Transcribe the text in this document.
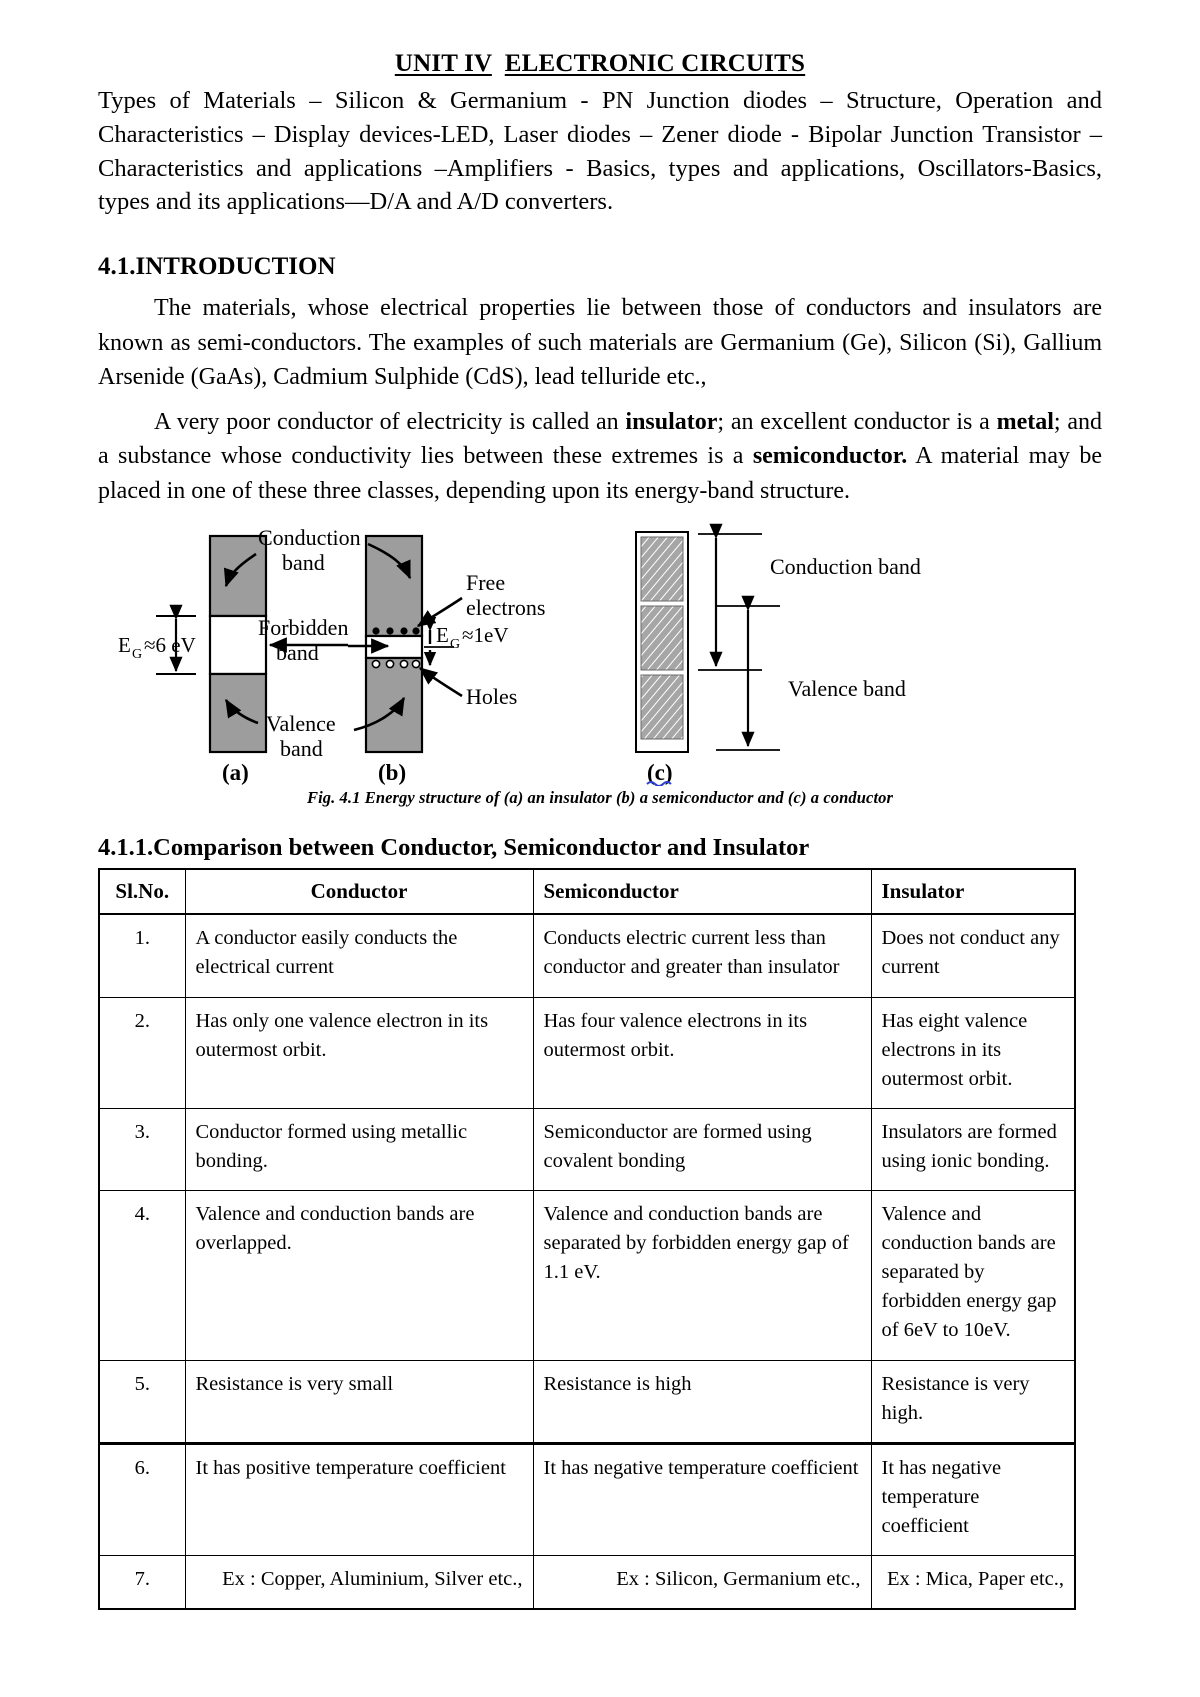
UNIT IV ELECTRONIC CIRCUITS
Types of Materials – Silicon & Germanium - PN Junction diodes – Structure, Operation and Characteristics – Display devices-LED, Laser diodes – Zener diode - Bipolar Junction Transistor – Characteristics and applications –Amplifiers - Basics, types and applications, Oscillators-Basics, types and its applications––D/A and A/D converters.
4.1.INTRODUCTION

The materials, whose electrical properties lie between those of conductors and insulators are known as semi-conductors. The examples of such materials are Germanium (Ge), Silicon (Si), Gallium Arsenide (GaAs), Cadmium Sulphide (CdS), lead telluride etc.,

A very poor conductor of electricity is called an insulator; an excellent conductor is a metal; and a substance whose conductivity lies between these extremes is a semiconductor. A material may be placed in one of these three classes, depending upon its energy-band structure.

E G ≈6 eV
Conduction
band
Forbidden
band
Valence
band
E G ≈1eV
Free
electrons
Holes
Conduction band
Valence band
(a)	(b)	(c)
Fig. 4.1 Energy structure of (a) an insulator (b) a semiconductor and (c) a conductor
4.1.1.Comparison between Conductor, Semiconductor and Insulator
Sl.No.	Conductor	Semiconductor	Insulator
1.	A conductor easily conducts the electrical current	Conducts electric current less than conductor and greater than insulator	Does not conduct any current
2.	Has only one valence electron in its outermost orbit.	Has four valence electrons in its outermost orbit.	Has eight valence electrons in its outermost orbit.
3.	Conductor formed using metallic bonding.	Semiconductor are formed using covalent bonding	Insulators are formed using ionic bonding.
4.	Valence and conduction bands are overlapped.	Valence and conduction bands are separated by forbidden energy gap of 1.1 eV.	Valence and conduction bands are separated by forbidden energy gap of 6eV to 10eV.
5.	Resistance is very small	Resistance is high	Resistance is very high.
6.	It has positive temperature coefficient	It has negative temperature coefficient	It has negative temperature coefficient
7.	Ex : Copper, Aluminium, Silver etc.,	Ex : Silicon, Germanium etc.,	Ex : Mica, Paper etc.,
